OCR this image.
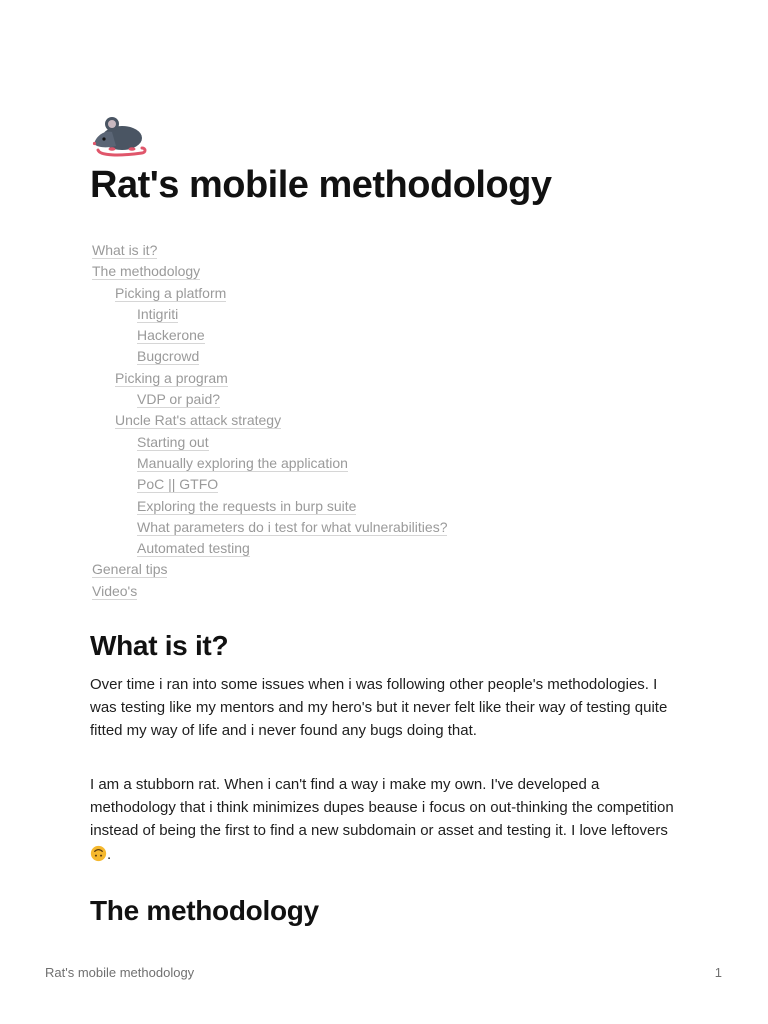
Rat's mobile methodology
What is it?
The methodology
Picking a platform
Intigriti
Hackerone
Bugcrowd
Picking a program
VDP or paid?
Uncle Rat's attack strategy
Starting out
Manually exploring the application
PoC || GTFO
Exploring the requests in burp suite
What parameters do i test for what vulnerabilities?
Automated testing
General tips
Video's
What is it?

Over time i ran into some issues when i was following other people's methodologies. I was testing like my mentors and my hero's but it never felt like their way of testing quite fitted my way of life and i never found any bugs doing that.

I am a stubborn rat. When i can't find a way i make my own. I've developed a methodology that i think minimizes dupes beause i focus on out-thinking the competition instead of being the first to find a new subdomain or asset and testing it. I love leftovers .

The methodology
Rat's mobile methodology	1
